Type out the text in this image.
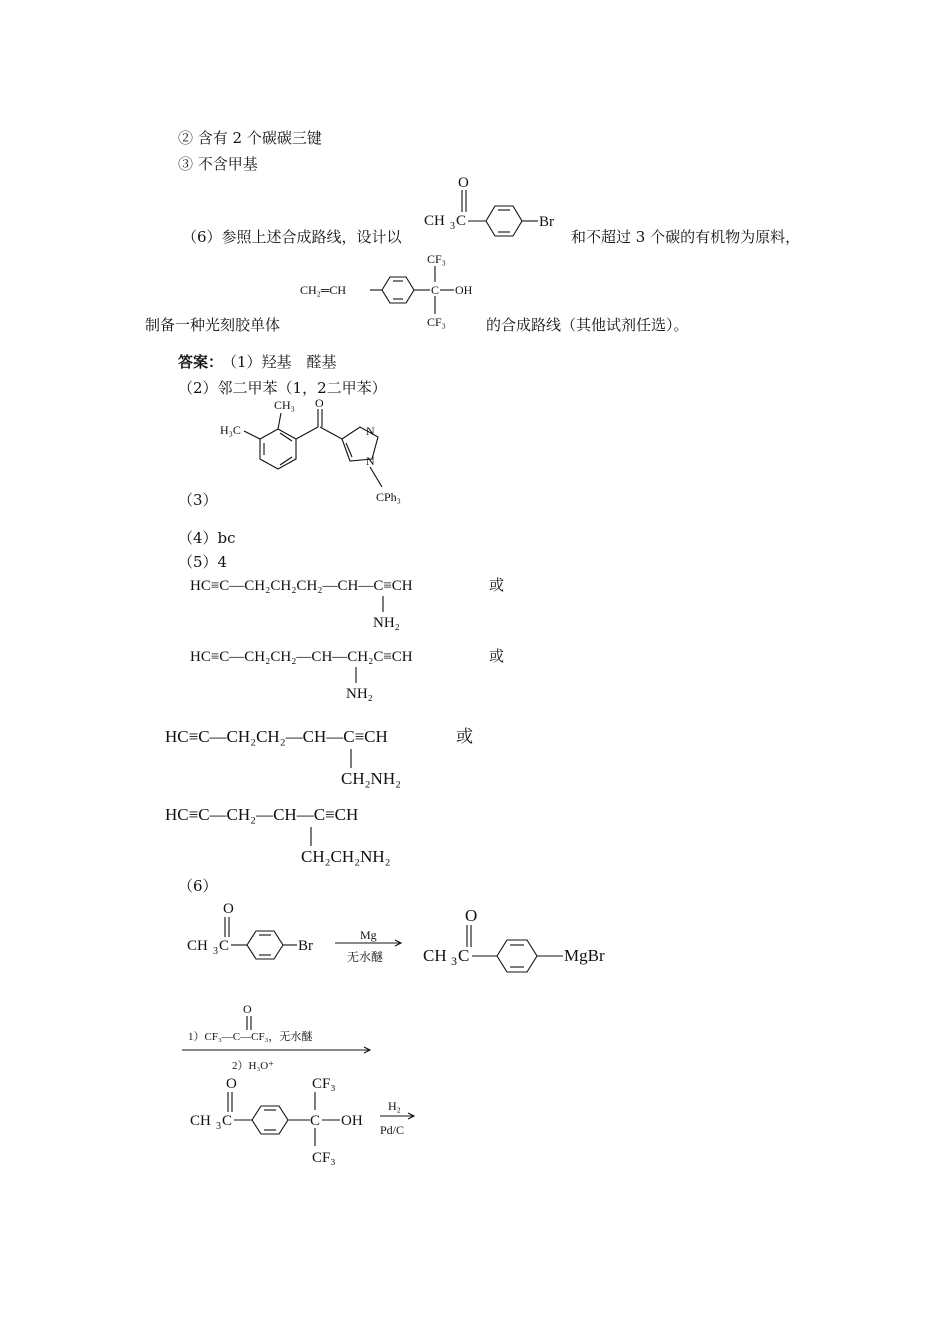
② 含有 2 个碳碳三键
③ 不含甲基
（6）参照上述合成路线，设计以	和不超过 3 个碳的有机物为原料，
制备一种光刻胶单体	的合成路线（其他试剂任选）。
答案：
（1）羟基　醛基
（2）邻二甲苯（1，2二甲苯）
（3）
（4）bc
（5）4
（6）
CH 3 C
O
Br
CH₂═CH	C
CF₃
CF₃
OH
H₃C
CH₃ O
N
N
CPh₃
HC≡C—CH₂CH₂CH₂—CH—C≡CH
NH₂
或
HC≡C—CH₂CH₂—CH—CH₂C≡CH
NH₂
或
HC≡C—CH₂CH₂—CH—C≡CH
CH₂NH₂
或
HC≡C—CH₂—CH—C≡CH
CH₂CH₂NH₂
CH 3 C
O
Br
Mg
无水醚 CH 3 C
O
MgBr
O
1）CF₃—C—CF₃，无水醚
2）H₃O⁺
CH 3 C
O
C
CF₃
CF₃
OH
H₂
Pd/C
